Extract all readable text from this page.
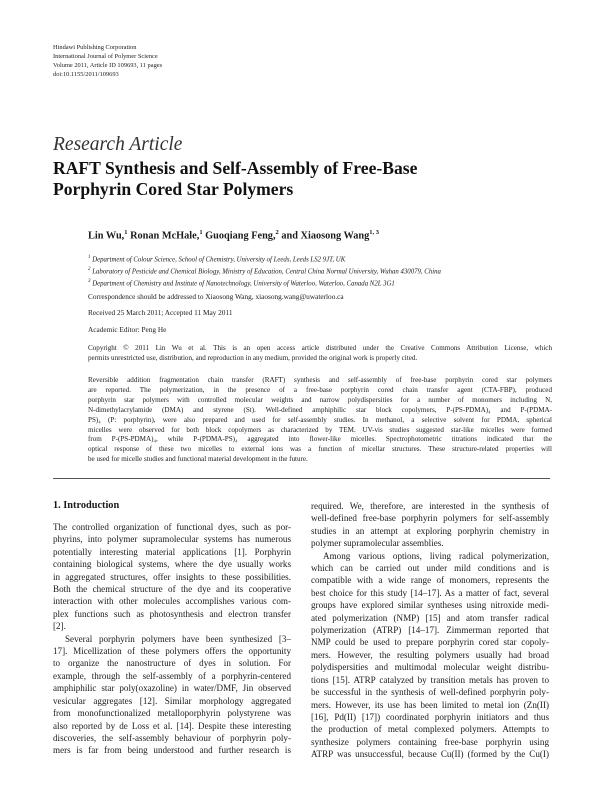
Hindawi Publishing Corporation
International Journal of Polymer Science
Volume 2011, Article ID 109693, 11 pages
doi:10.1155/2011/109693
Research Article
RAFT Synthesis and Self-Assembly of Free-Base
Porphyrin Cored Star Polymers
Lin Wu,$^1$ Ronan McHale,$^1$ Guoqiang Feng,$^2$ and Xiaosong Wang$^{1, 3}$
$^1$ Department of Colour Science, School of Chemistry, University of Leeds, Leeds LS2 9JT, UK
$^2$ Laboratory of Pesticide and Chemical Biology, Ministry of Education, Central China Normal University, Wuhan 430079, China
$^3$ Department of Chemistry and Institute of Nanotechnology, University of Waterloo, Waterloo, Canada N2L 3G1
Correspondence should be addressed to Xiaosong Wang, xiaosong.wang@uwaterloo.ca
Received 25 March 2011; Accepted 11 May 2011
Academic Editor: Peng He
Copyright © 2011 Lin Wu et al. This is an open access article distributed under the Creative Commons Attribution License, which
permits unrestricted use, distribution, and reproduction in any medium, provided the original work is properly cited.
Reversible addition fragmentation chain transfer (RAFT) synthesis and self-assembly of free-base porphyrin cored star polymers
are reported. The polymerization, in the presence of a free-base porphyrin cored chain transfer agent (CTA-FBP), produced
porphyrin star polymers with controlled molecular weights and narrow polydispersities for a number of monomers including N,
N-dimethylacrylamide (DMA) and styrene (St). Well-defined amphiphilic star block copolymers, P-(PS-PDMA)₄ and P-(PDMA-
PS)₄ (P: porphyrin), were also prepared and used for self-assembly studies. In methanol, a selective solvent for PDMA, spherical
micelles were observed for both block copolymers as characterized by TEM. UV-vis studies suggested star-like micelles were formed
from P-(PS-PDMA)₄, while P-(PDMA-PS)₄ aggregated into flower-like micelles. Spectrophotometric titrations indicated that the
optical response of these two micelles to external ions was a function of micellar structures. These structure-related properties will
be used for micelle studies and functional material development in the future.
1. Introduction
The controlled organization of functional dyes, such as por-
phyrins, into polymer supramolecular systems has numerous
potentially interesting material applications [1]. Porphyrin
containing biological systems, where the dye usually works
in aggregated structures, offer insights to these possibilities.
Both the chemical structure of the dye and its cooperative
interaction with other molecules accomplishes various com-
plex functions such as photosynthesis and electron transfer
[2].
Several porphyrin polymers have been synthesized [3–
17]. Micellization of these polymers offers the opportunity
to organize the nanostructure of dyes in solution. For
example, through the self-assembly of a porphyrin-centered
amphiphilic star poly(oxazoline) in water/DMF, Jin observed
vesicular aggregates [12]. Similar morphology aggregated
from monofunctionalized metalloporphyrin polystyrene was
also reported by de Loss et al. [14]. Despite these interesting
discoveries, the self-assembly behaviour of porphyrin poly-
mers is far from being understood and further research is
required. We, therefore, are interested in the synthesis of
well-defined free-base porphyrin polymers for self-assembly
studies in an attempt at exploring porphyrin chemistry in
polymer supramolecular assemblies.
Among various options, living radical polymerization,
which can be carried out under mild conditions and is
compatible with a wide range of monomers, represents the
best choice for this study [14–17]. As a matter of fact, several
groups have explored similar syntheses using nitroxide medi-
ated polymerization (NMP) [15] and atom transfer radical
polymerization (ATRP) [14–17]. Zimmerman reported that
NMP could be used to prepare porphyrin cored star copoly-
mers. However, the resulting polymers usually had broad
polydispersities and multimodal molecular weight distribu-
tions [15]. ATRP catalyzed by transition metals has proven to
be successful in the synthesis of well-defined porphyrin poly-
mers. However, its use has been limited to metal ion (Zn(II)
[16], Pd(II) [17]) coordinated porphyrin initiators and thus
the production of metal complexed polymers. Attempts to
synthesize polymers containing free-base porphyrin using
ATRP was unsuccessful, because Cu(II) (formed by the Cu(I)
